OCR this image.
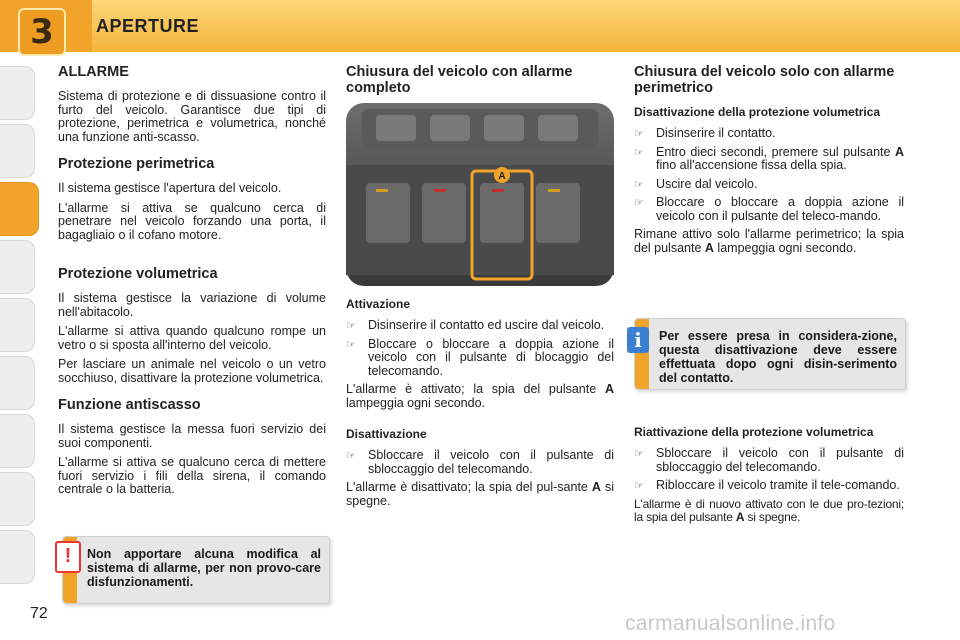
3	APERTURE
ALLARME

Sistema di protezione e di dissuasione contro il furto del veicolo. Garantisce due tipi di protezione, perimetrica e volumetrica, nonché una funzione anti-scasso.

Protezione perimetrica

Il sistema gestisce l'apertura del veicolo.

L'allarme si attiva se qualcuno cerca di penetrare nel veicolo forzando una porta, il bagagliaio o il cofano motore.

Protezione volumetrica

Il sistema gestisce la variazione di volume nell'abitacolo.

L'allarme si attiva quando qualcuno rompe un vetro o si sposta all'interno del veicolo.

Per lasciare un animale nel veicolo o un vetro socchiuso, disattivare la protezione volumetrica.

Funzione antiscasso

Il sistema gestisce la messa fuori servizio dei suoi componenti.

L'allarme si attiva se qualcuno cerca di mettere fuori servizio i fili della sirena, il comando centrale o la batteria.

!	Non apportare alcuna modifica al sistema di allarme, per non provo-care disfunzionamenti.
Chiusura del veicolo con allarme completo
A
Attivazione
☞ Disinserire il contatto ed uscire dal veicolo.
☞ Bloccare o bloccare a doppia azione il veicolo con il pulsante di blocaggio del telecomando.

L'allarme è attivato; la spia del pulsante A lampeggia ogni secondo.

Disattivazione
☞ Sbloccare il veicolo con il pulsante di sbloccaggio del telecomando.

L'allarme è disattivato; la spia del pul-sante A si spegne.

Chiusura del veicolo solo con allarme perimetrico
Disattivazione della protezione volumetrica
☞ Disinserire il contatto.
☞ Entro dieci secondi, premere sul pulsante A fino all'accensione fissa della spia.
☞ Uscire dal veicolo.
☞ Bloccare o bloccare a doppia azione il veicolo con il pulsante del teleco-mando.

Rimane attivo solo l'allarme perimetrico; la spia del pulsante A lampeggia ogni secondo.

i	Per essere presa in considera-zione, questa disattivazione deve essere effettuata dopo ogni disin-serimento del contatto.
Riattivazione della protezione volumetrica
☞ Sbloccare il veicolo con il pulsante di sbloccaggio del telecomando.
☞ Ribloccare il veicolo tramite il tele-comando.

L'allarme è di nuovo attivato con le due pro-tezioni; la spia del pulsante A si spegne.

72	carmanualsonline.info
